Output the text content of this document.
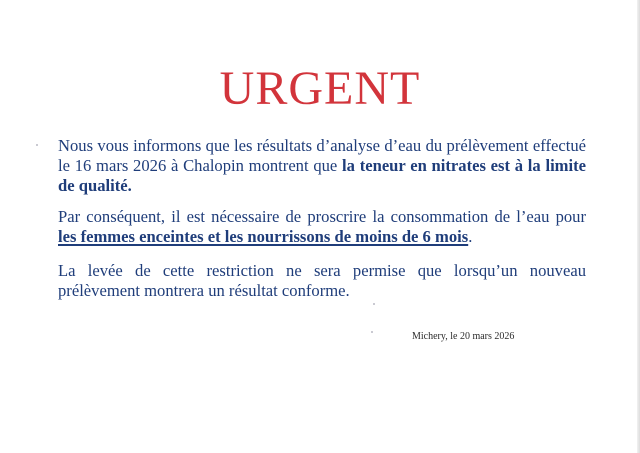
URGENT

Nous vous informons que les résultats d’analyse d’eau du prélèvement effectué le 16 mars 2026 à Chalopin montrent que la teneur en nitrates est à la limite de qualité.

Par conséquent, il est nécessaire de proscrire la consommation de l’eau pour les femmes enceintes et les nourrissons de moins de 6 mois.

La levée de cette restriction ne sera permise que lorsqu’un nouveau prélèvement montrera un résultat conforme.

Michery, le 20 mars 2026
